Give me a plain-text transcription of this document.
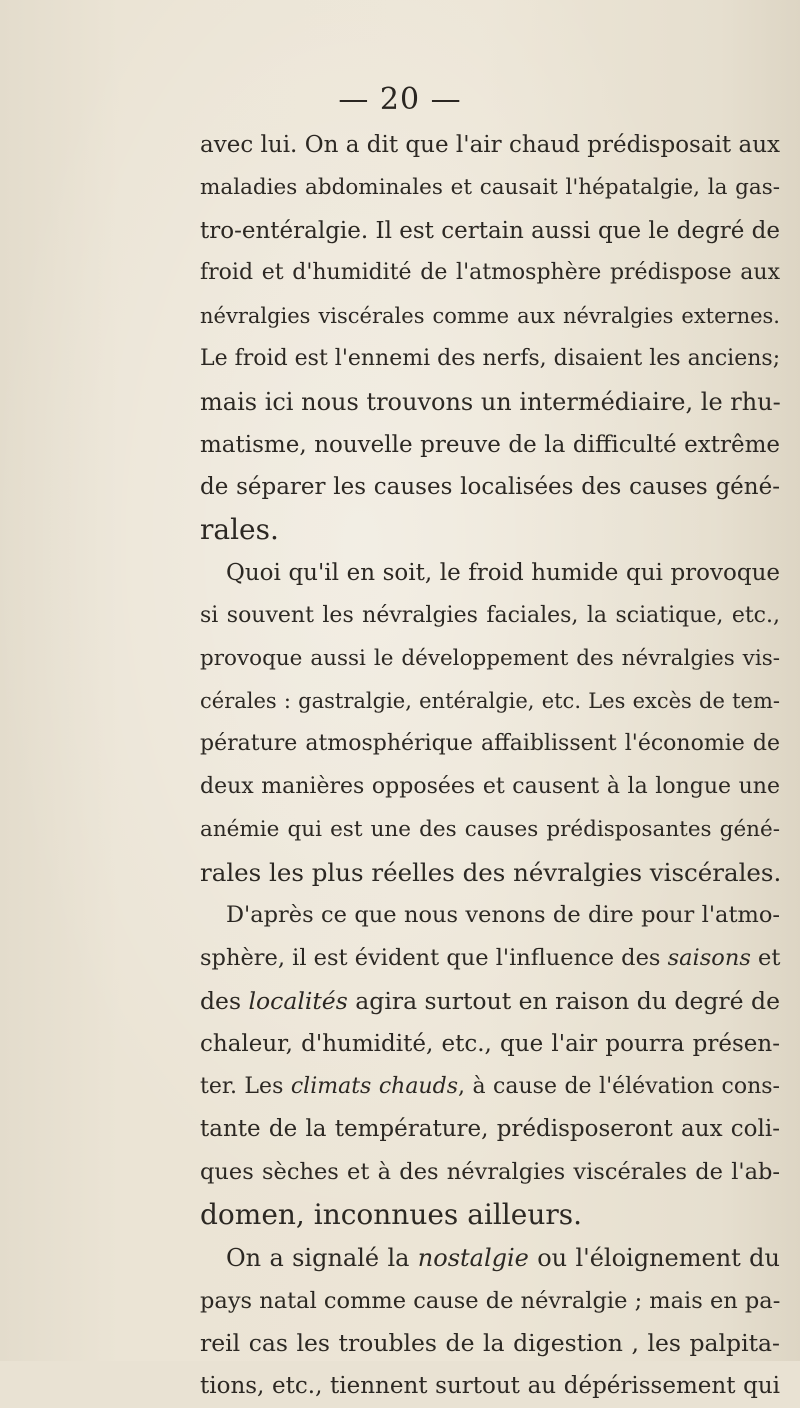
— 20 —
avec lui. On a dit que l'air chaud prédisposait aux
maladies abdominales et causait l'hépatalgie, la gas-
tro-entéralgie. Il est certain aussi que le degré de
froid et d'humidité de l'atmosphère prédispose aux
névralgies viscérales comme aux névralgies externes.
Le froid est l'ennemi des nerfs, disaient les anciens;
mais ici nous trouvons un intermédiaire, le rhu-
matisme, nouvelle preuve de la difficulté extrême
de séparer les causes localisées des causes géné-
rales.
Quoi qu'il en soit, le froid humide qui provoque
si souvent les névralgies faciales, la sciatique, etc.,
provoque aussi le développement des névralgies vis-
cérales : gastralgie, entéralgie, etc. Les excès de tem-
pérature atmosphérique affaiblissent l'économie de
deux manières opposées et causent à la longue une
anémie qui est une des causes prédisposantes géné-
rales les plus réelles des névralgies viscérales.
D'après ce que nous venons de dire pour l'atmo-
sphère, il est évident que l'influence des saisons et
des localités agira surtout en raison du degré de
chaleur, d'humidité, etc., que l'air pourra présen-
ter. Les climats chauds, à cause de l'élévation cons-
tante de la température, prédisposeront aux coli-
ques sèches et à des névralgies viscérales de l'ab-
domen, inconnues ailleurs.
On a signalé la nostalgie ou l'éloignement du
pays natal comme cause de névralgie ; mais en pa-
reil cas les troubles de la digestion , les palpita-
tions, etc., tiennent surtout au dépérissement qui
